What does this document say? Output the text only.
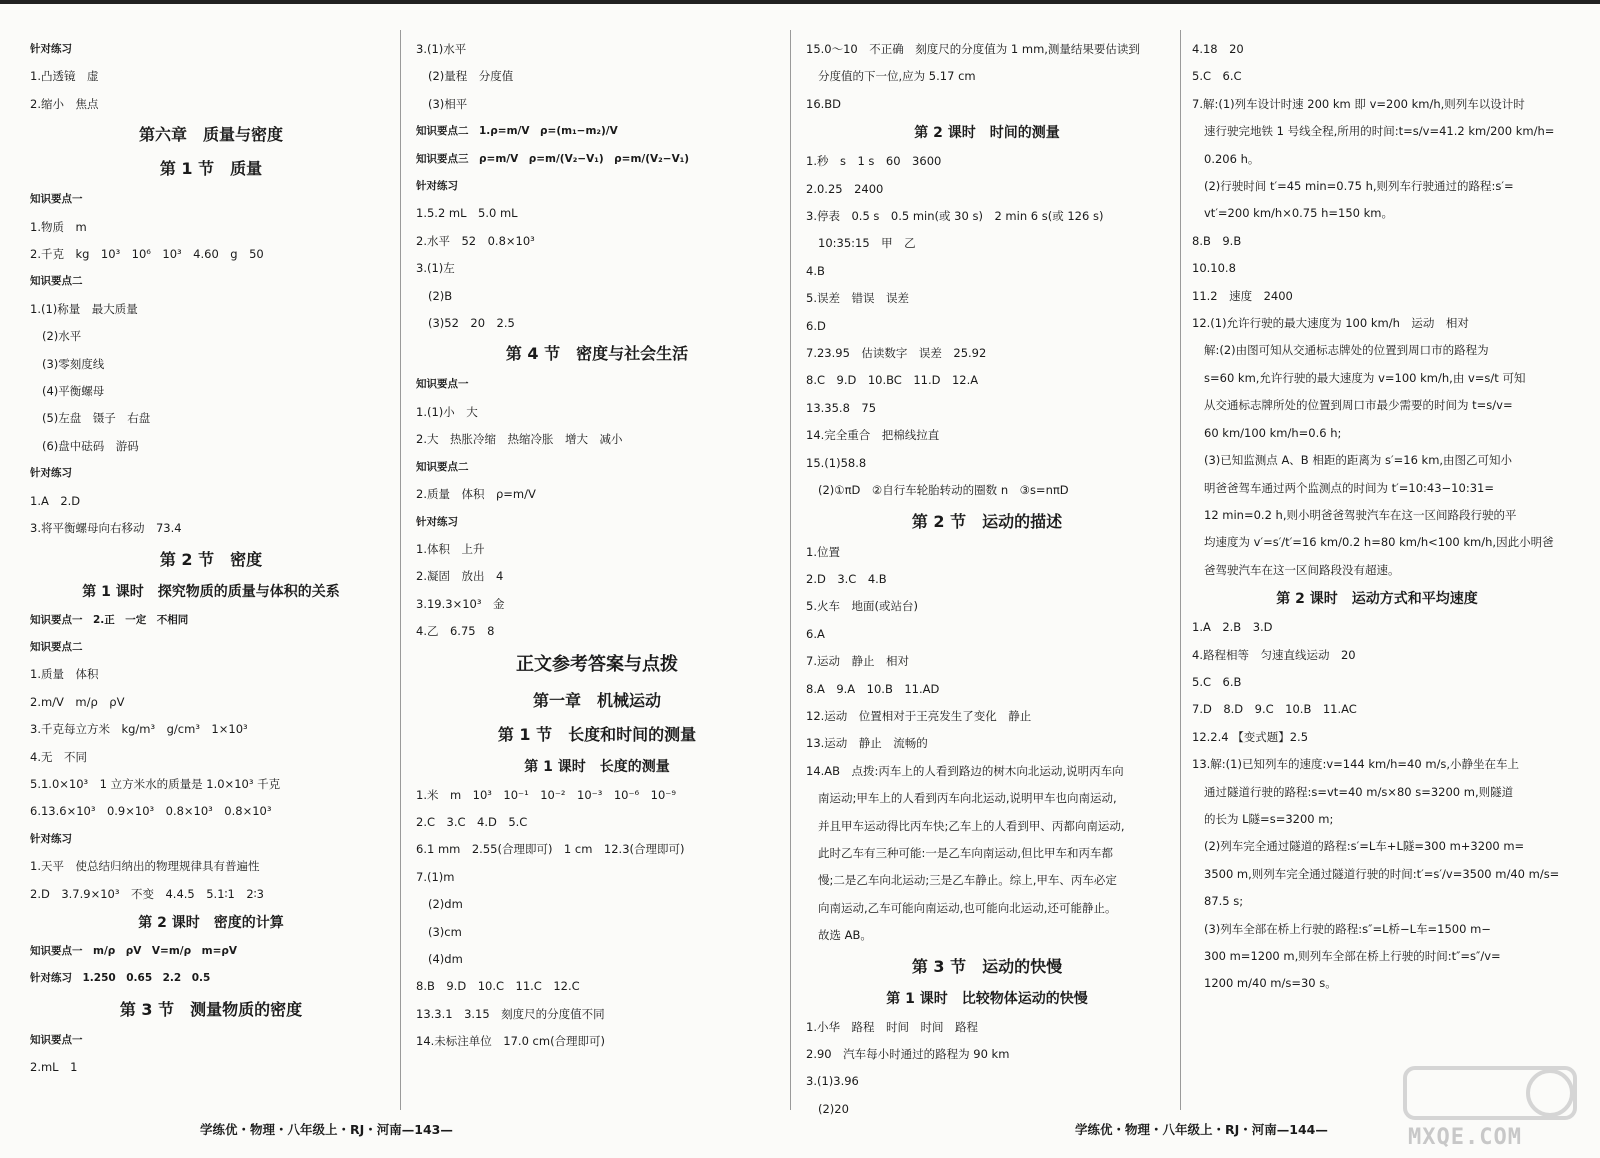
针对练习
1.凸透镜　虚
2.缩小　焦点
第六章　质量与密度
第 1 节　质量
知识要点一
1.物质　m
2.千克　kg　10³　10⁶　10³　4.60　g　50
知识要点二
1.(1)称量　最大质量
(2)水平
(3)零刻度线
(4)平衡螺母
(5)左盘　镊子　右盘
(6)盘中砝码　游码
针对练习
1.A　2.D
3.将平衡螺母向右移动　73.4
第 2 节　密度
第 1 课时　探究物质的质量与体积的关系
知识要点一　2.正　一定　不相同
知识要点二
1.质量　体积
2.m/V　m/ρ　ρV
3.千克每立方米　kg/m³　g/cm³　1×10³
4.无　不同
5.1.0×10³　1 立方米水的质量是 1.0×10³ 千克
6.13.6×10³　0.9×10³　0.8×10³　0.8×10³
针对练习
1.天平　使总结归纳出的物理规律具有普遍性
2.D　3.7.9×10³　不变　4.4.5　5.1∶1　2∶3
第 2 课时　密度的计算
知识要点一　m/ρ　ρV　V=m/ρ　m=ρV
针对练习　1.250　0.65　2.2　0.5
第 3 节　测量物质的密度
知识要点一
2.mL　1
3.(1)水平
(2)量程　分度值
(3)相平
知识要点二　1.ρ=m/V　ρ=(m₁−m₂)/V
知识要点三　ρ=m/V　ρ=m/(V₂−V₁)　ρ=m/(V₂−V₁)
针对练习
1.5.2 mL　5.0 mL
2.水平　52　0.8×10³
3.(1)左
(2)B
(3)52　20　2.5
第 4 节　密度与社会生活
知识要点一
1.(1)小　大
2.大　热胀冷缩　热缩冷胀　增大　减小
知识要点二
2.质量　体积　ρ=m/V
针对练习
1.体积　上升
2.凝固　放出　4
3.19.3×10³　金
4.乙　6.75　8
正文参考答案与点拨
第一章　机械运动
第 1 节　长度和时间的测量
第 1 课时　长度的测量
1.米　m　10³　10⁻¹　10⁻²　10⁻³　10⁻⁶　10⁻⁹
2.C　3.C　4.D　5.C
6.1 mm　2.55(合理即可)　1 cm　12.3(合理即可)
7.(1)m
(2)dm
(3)cm
(4)dm
8.B　9.D　10.C　11.C　12.C
13.3.1　3.15　刻度尺的分度值不同
14.未标注单位　17.0 cm(合理即可)
15.0～10　不正确　刻度尺的分度值为 1 mm,测量结果要估读到
分度值的下一位,应为 5.17 cm
16.BD
第 2 课时　时间的测量
1.秒　s　1 s　60　3600
2.0.25　2400
3.停表　0.5 s　0.5 min(或 30 s)　2 min 6 s(或 126 s)
10:35:15　甲　乙
4.B
5.误差　错误　误差
6.D
7.23.95　估读数字　误差　25.92
8.C　9.D　10.BC　11.D　12.A
13.35.8　75
14.完全重合　把棉线拉直
15.(1)58.8
(2)①πD　②自行车轮胎转动的圈数 n　③s=nπD
第 2 节　运动的描述
1.位置
2.D　3.C　4.B
5.火车　地面(或站台)
6.A
7.运动　静止　相对
8.A　9.A　10.B　11.AD
12.运动　位置相对于王亮发生了变化　静止
13.运动　静止　流畅的
14.AB　点拨:丙车上的人看到路边的树木向北运动,说明丙车向
南运动;甲车上的人看到丙车向北运动,说明甲车也向南运动,
并且甲车运动得比丙车快;乙车上的人看到甲、丙都向南运动,
此时乙车有三种可能:一是乙车向南运动,但比甲车和丙车都
慢;二是乙车向北运动;三是乙车静止。综上,甲车、丙车必定
向南运动,乙车可能向南运动,也可能向北运动,还可能静止。
故选 AB。
第 3 节　运动的快慢
第 1 课时　比较物体运动的快慢
1.小华　路程　时间　时间　路程
2.90　汽车每小时通过的路程为 90 km
3.(1)3.96
(2)20
4.18　20
5.C　6.C
7.解:(1)列车设计时速 200 km 即 v=200 km/h,则列车以设计时
速行驶完地铁 1 号线全程,所用的时间:t=s/v=41.2 km/200 km/h=
0.206 h。
(2)行驶时间 t′=45 min=0.75 h,则列车行驶通过的路程:s′=
vt′=200 km/h×0.75 h=150 km。
8.B　9.B
10.10.8
11.2　速度　2400
12.(1)允许行驶的最大速度为 100 km/h　运动　相对
解:(2)由图可知从交通标志牌处的位置到周口市的路程为
s=60 km,允许行驶的最大速度为 v=100 km/h,由 v=s/t 可知
从交通标志牌所处的位置到周口市最少需要的时间为 t=s/v=
60 km/100 km/h=0.6 h;
(3)已知监测点 A、B 相距的距离为 s′=16 km,由图乙可知小
明爸爸驾车通过两个监测点的时间为 t′=10:43−10:31=
12 min=0.2 h,则小明爸爸驾驶汽车在这一区间路段行驶的平
均速度为 v′=s′/t′=16 km/0.2 h=80 km/h<100 km/h,因此小明爸
爸驾驶汽车在这一区间路段没有超速。
第 2 课时　运动方式和平均速度
1.A　2.B　3.D
4.路程相等　匀速直线运动　20
5.C　6.B
7.D　8.D　9.C　10.B　11.AC
12.2.4 【变式题】2.5
13.解:(1)已知列车的速度:v=144 km/h=40 m/s,小静坐在车上
通过隧道行驶的路程:s=vt=40 m/s×80 s=3200 m,则隧道
的长为 L隧=s=3200 m;
(2)列车完全通过隧道的路程:s′=L车+L隧=300 m+3200 m=
3500 m,则列车完全通过隧道行驶的时间:t′=s′/v=3500 m/40 m/s=
87.5 s;
(3)列车全部在桥上行驶的路程:s″=L桥−L车=1500 m−
300 m=1200 m,则列车全部在桥上行驶的时间:t″=s″/v=
1200 m/40 m/s=30 s。
学练优・物理・八年级上・RJ・河南—143—	学练优・物理・八年级上・RJ・河南—144—	MXQE.COM
